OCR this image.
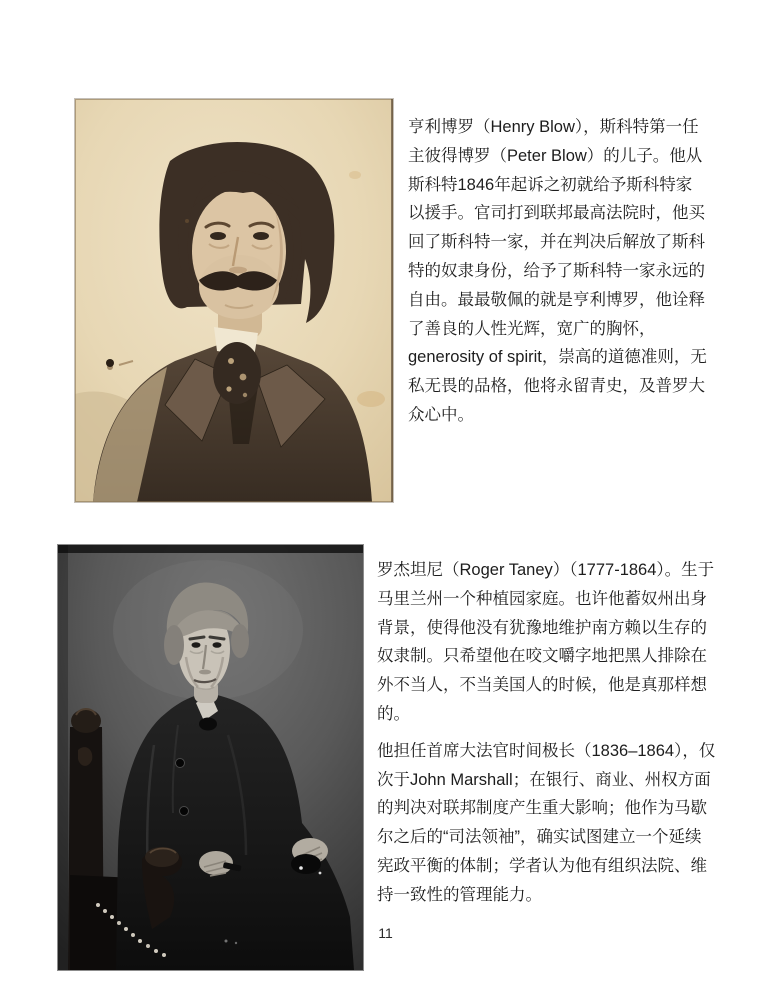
亨利博罗（Henry Blow），斯科特第一任主彼得博罗（Peter Blow）的儿子。他从斯科特1846年起诉之初就给予斯科特家以援手。官司打到联邦最高法院时，他买回了斯科特一家，并在判决后解放了斯科特的奴隶身份，给予了斯科特一家永远的自由。最最敬佩的就是亨利博罗，他诠释了善良的人性光辉，宽广的胸怀，generosity of spirit，崇高的道德准则，无私无畏的品格，他将永留青史，及普罗大众心中。

罗杰坦尼（Roger Taney）（1777-1864）。生于马里兰州一个种植园家庭。也许他蓄奴州出身背景，使得他没有犹豫地维护南方赖以生存的奴隶制。只希望他在咬文嚼字地把黑人排除在外不当人，不当美国人的时候，他是真那样想的。

他担任首席大法官时间极长（1836–1864），仅次于John Marshall；在银行、商业、州权方面的判决对联邦制度产生重大影响；他作为马歇尔之后的“司法领袖”，确实试图建立一个延续宪政平衡的体制；学者认为他有组织法院、维持一致性的管理能力。

11
